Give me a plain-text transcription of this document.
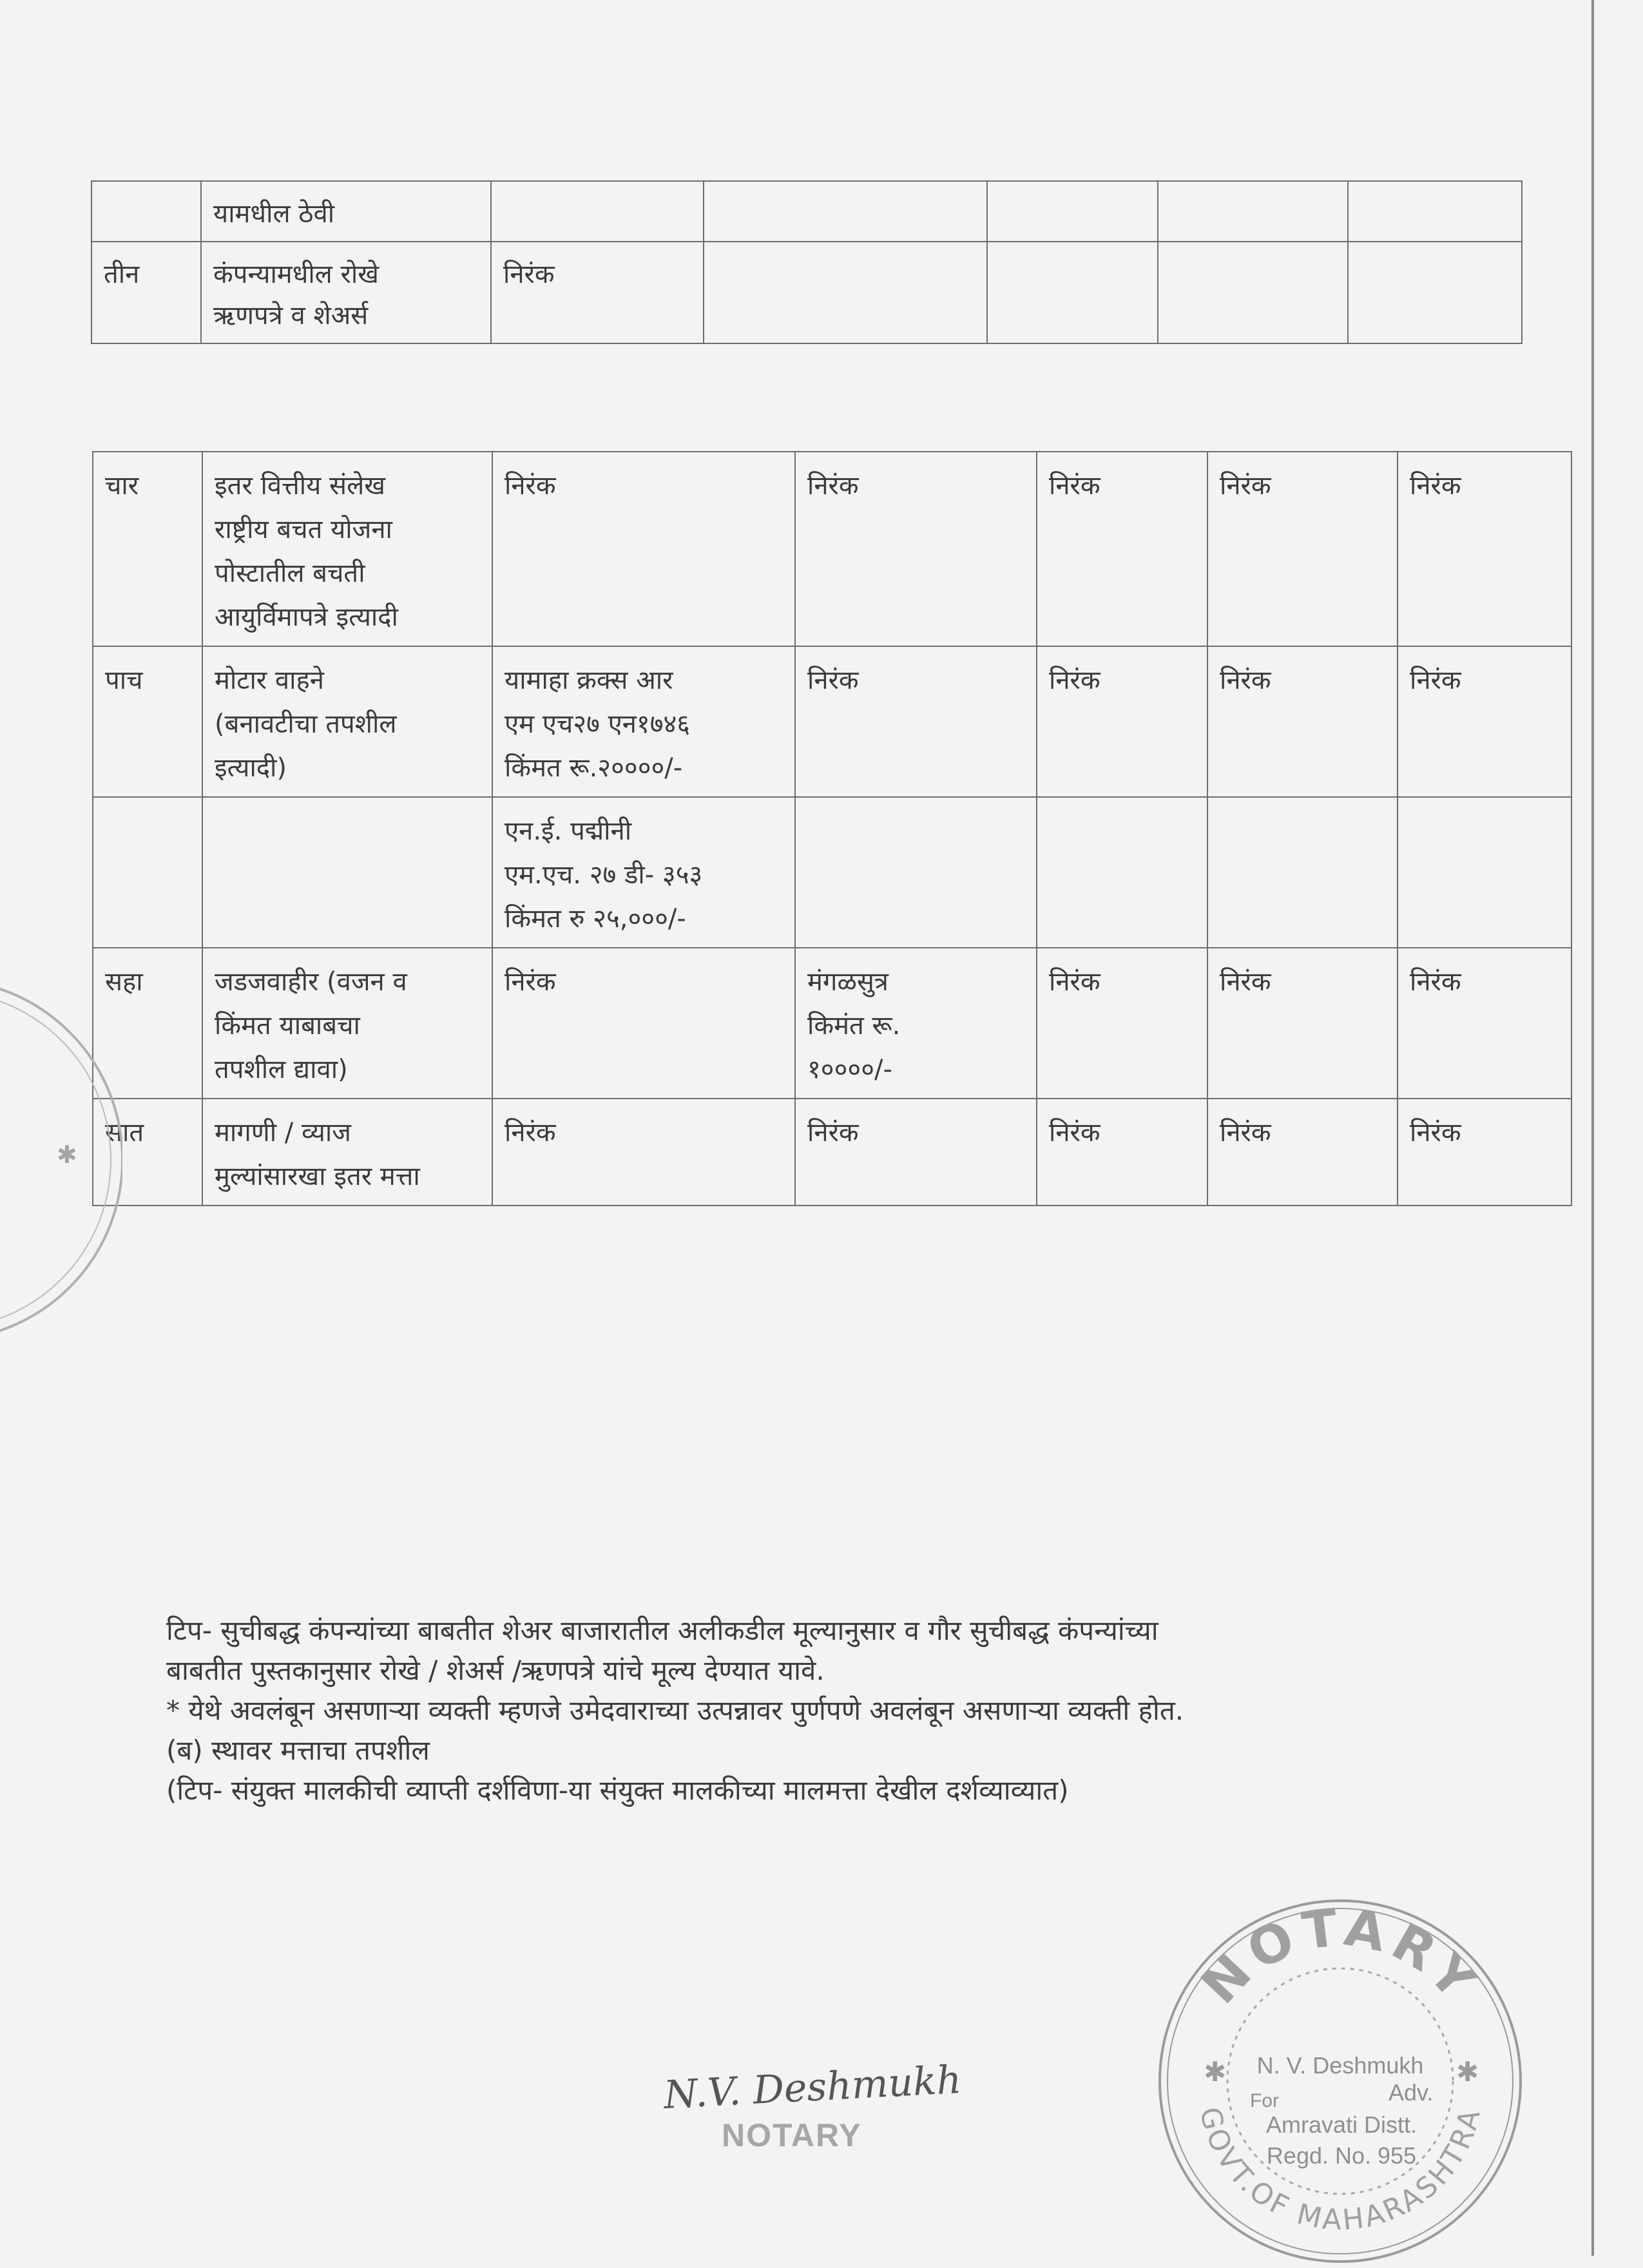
	यामधील ठेवी					

तीन	कंपन्यामधील रोखे
ऋणपत्रे व शेअर्स	निरंक				
चार	इतर वित्तीय संलेख
राष्ट्रीय बचत योजना
पोस्टातील बचती
आयुर्विमापत्रे इत्यादी	निरंक	निरंक	निरंक	निरंक	निरंक
पाच	मोटार वाहने
(बनावटीचा तपशील
इत्यादी)	यामाहा क्रक्स आर
एम एच२७ एन१७४६
किंमत रू.२००००/-	निरंक	निरंक	निरंक	निरंक

		एन.ई. पद्मीनी
एम.एच. २७ डी- ३५३
किंमत रु २५,०००/-				

सहा	जडजवाहीर (वजन व
किंमत याबाबचा
तपशील द्यावा)	निरंक	मंगळसुत्र
किमंत रू.
१००००/-	निरंक	निरंक	निरंक
सात	मागणी / व्याज
मुल्यांसारखा इतर मत्ता	निरंक	निरंक	निरंक	निरंक	निरंक
टिप- सुचीबद्ध कंपन्यांच्या बाबतीत शेअर बाजारातील अलीकडील मूल्यानुसार व गौर सुचीबद्ध कंपन्यांच्या
बाबतीत पुस्तकानुसार रोखे / शेअर्स /ऋणपत्रे यांचे मूल्य देण्यात यावे.
* येथे अवलंबून असणाऱ्या व्यक्ती म्हणजे उमेदवाराच्या उत्पन्नावर पुर्णपणे अवलंबून असणाऱ्या व्यक्ती होत.
(ब) स्थावर मत्ताचा तपशील
(टिप- संयुक्त मालकीची व्याप्ती दर्शविणा-या संयुक्त मालकीच्या मालमत्ता देखील दर्शव्याव्यात)
N.V. Deshmukh
NOTARY
NOTARY
GOVT.OF MAHARASHTRA
✱	✱
N. V. Deshmukh
For	Adv.
Amravati Distt.
Regd. No. 955
✱
